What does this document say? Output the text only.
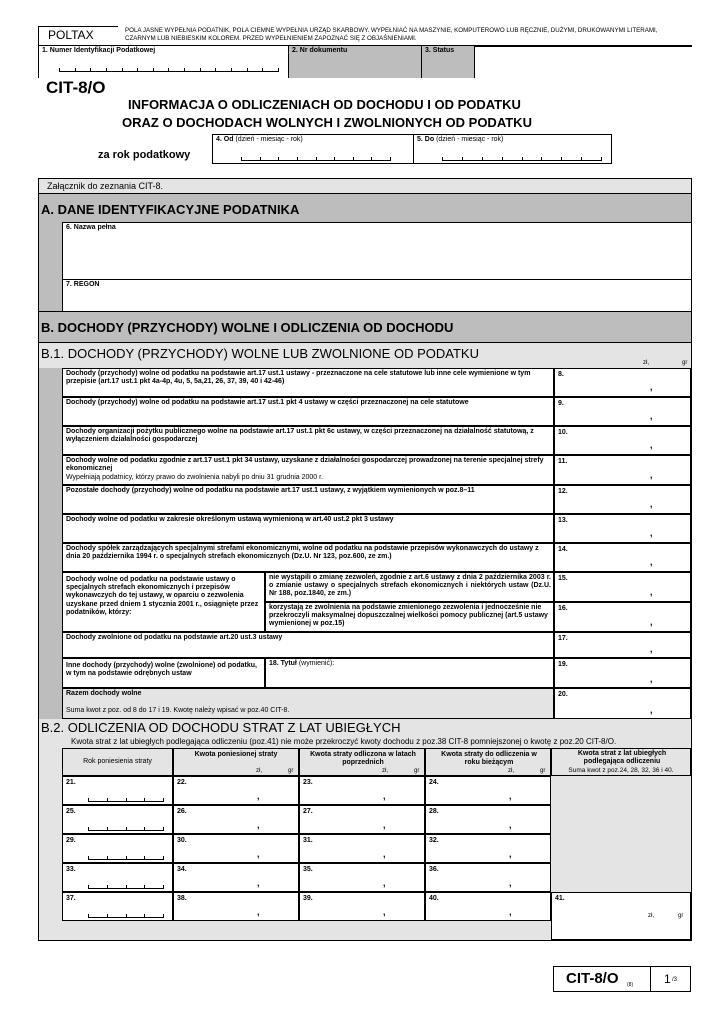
POLTAX	POLA JASNE WYPEŁNIA PODATNIK, POLA CIEMNE WYPEŁNIA URZĄD SKARBOWY. WYPEŁNIAĆ NA MASZYNIE, KOMPUTEROWO LUB RĘCZNIE, DUŻYMI, DRUKOWANYMI LITERAMI, CZARNYM LUB NIEBIESKIM KOLOREM. PRZED WYPEŁNIENIEM ZAPOZNAĆ SIĘ Z OBJAŚNIENIAMI.
1. Numer Identyfikacji Podatkowej	2. Nr dokumentu	3. Status
CIT-8/O
INFORMACJA O ODLICZENIACH OD DOCHODU I OD PODATKU
ORAZ O DOCHODACH WOLNYCH I ZWOLNIONYCH OD PODATKU
za rok podatkowy
4. Od (dzień - miesiąc - rok)	5. Do (dzień - miesiąc - rok)
Załącznik do zeznania CIT-8.
A. DANE IDENTYFIKACYJNE PODATNIKA
6. Nazwa pełna
7. REGON
B. DOCHODY (PRZYCHODY) WOLNE I ODLICZENIA OD DOCHODU
B.1. DOCHODY (PRZYCHODY) WOLNE LUB ZWOLNIONE OD PODATKU
zł,	gr
Dochody (przychody) wolne od podatku na podstawie art.17 ust.1 ustawy - przeznaczone na cele statutowe lub inne cele wymienione w tym przepisie (art.17 ust.1 pkt 4a-4p, 4u, 5, 5a,21, 26, 37, 39, 40 i 42-46)
8.
,
Dochody (przychody) wolne od podatku na podstawie art.17 ust.1 pkt 4 ustawy w części przeznaczonej na cele statutowe	9.
,
Dochody organizacji pożytku publicznego wolne na podstawie art.17 ust.1 pkt 6c ustawy, w części przeznaczonej na działalność statutową, z wyłączeniem działalności gospodarczej
10.
,
Dochody wolne od podatku zgodnie z art.17 ust.1 pkt 34 ustawy, uzyskane z działalności gospodarczej prowadzonej na terenie specjalnej strefy ekonomicznej
Wypełniają podatnicy, którzy prawo do zwolnienia nabyli po dniu 31 grudnia 2000 r.
11.
,
Pozostałe dochody (przychody) wolne od podatku na podstawie art.17 ust.1 ustawy, z wyjątkiem wymienionych w poz.8–11	12.
,
Dochody wolne od podatku w zakresie określonym ustawą wymienioną w art.40 ust.2 pkt 3 ustawy	13.
,
Dochody spółek zarządzających specjalnymi strefami ekonomicznymi, wolne od podatku na podstawie przepisów wykonawczych do ustawy z dnia 20 października 1994 r. o specjalnych strefach ekonomicznych (Dz.U. Nr 123, poz.600, ze zm.)
14.
,
Dochody wolne od podatku na podstawie ustawy o specjalnych strefach ekonomicznych i przepisów wykonawczych do tej ustawy, w oparciu o zezwolenia uzyskane przed dniem 1 stycznia 2001 r., osiągnięte przez podatników, którzy:
nie wystąpili o zmianę zezwoleń, zgodnie z art.6 ustawy z dnia 2 października 2003 r. o zmianie ustawy o specjalnych strefach ekonomicznych i niektórych ustaw (Dz.U. Nr 188, poz.1840, ze zm.)
15.
,
korzystają ze zwolnienia na podstawie zmienionego zezwolenia i jednocześnie nie przekroczyli maksymalnej dopuszczalnej wielkości pomocy publicznej (art.5 ustawy wymienionej w poz.15)
16.
,
Dochody zwolnione od podatku na podstawie art.20 ust.3 ustawy	17.
,
Inne dochody (przychody) wolne (zwolnione) od podatku, w tym na podstawie odrębnych ustaw
18. Tytuł (wymienić):	19.
,
Razem dochody wolne
Suma kwot z poz. od 8 do 17 i 19. Kwotę należy wpisać w poz.40 CIT-8.
20.
,
B.2. ODLICZENIA OD DOCHODU STRAT Z LAT UBIEGŁYCH
Kwota strat z lat ubiegłych podlegająca odliczeniu (poz.41) nie może przekroczyć kwoty dochodu z poz.38 CIT-8 pomniejszonej o kwotę z poz.20 CIT-8/O.
Rok poniesienia straty
Kwota poniesionej straty
zł,	gr
Kwota straty odliczona w latach poprzednich
zł,	gr
Kwota straty do odliczenia w roku bieżącym
zł,	gr
Kwota strat z lat ubiegłych podlegająca odliczeniu
Suma kwot z poz.24, 28, 32, 36 i 40.
21.	22.
,
23.
,
24.
,
25.	26.
,
27.
,
28.
,
29.	30.
,
31.
,
32.
,
33.	34.
,
35.
,
36.
,
37.	38.
,
39.
,
40.
,
41.
zł,	gr
CIT-8/O (8)	1 /3
